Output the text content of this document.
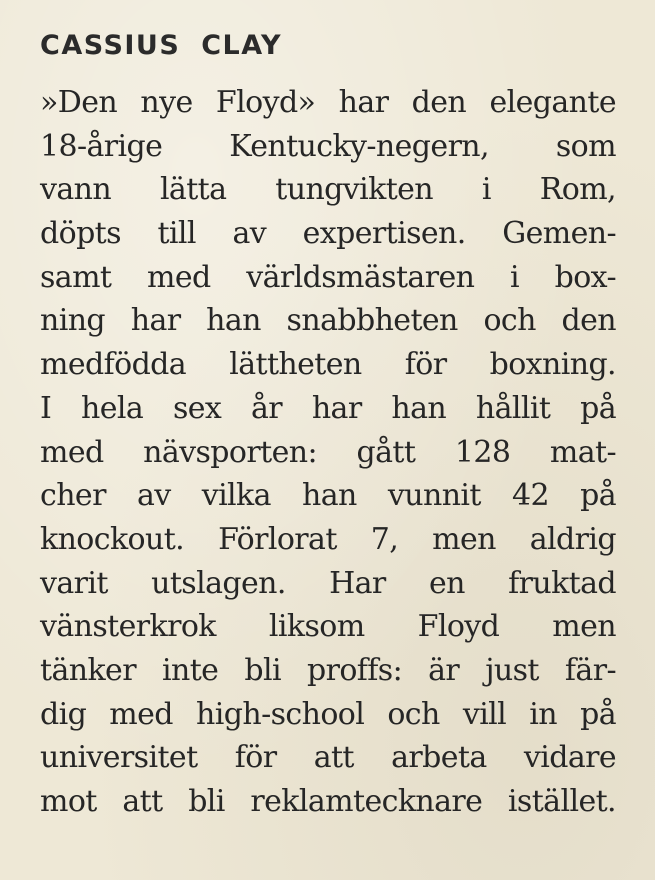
CASSIUS CLAY
»Den nye Floyd» har den elegante
18-årige Kentucky-negern, som
vann lätta tungvikten i Rom,
döpts till av expertisen. Gemen-
samt med världsmästaren i box-
ning har han snabbheten och den
medfödda lättheten för boxning.
I hela sex år har han hållit på
med nävsporten: gått 128 mat-
cher av vilka han vunnit 42 på
knockout. Förlorat 7, men aldrig
varit utslagen. Har en fruktad
vänsterkrok liksom Floyd men
tänker inte bli proffs: är just fär-
dig med high-school och vill in på
universitet för att arbeta vidare
mot att bli reklamtecknare istället.
